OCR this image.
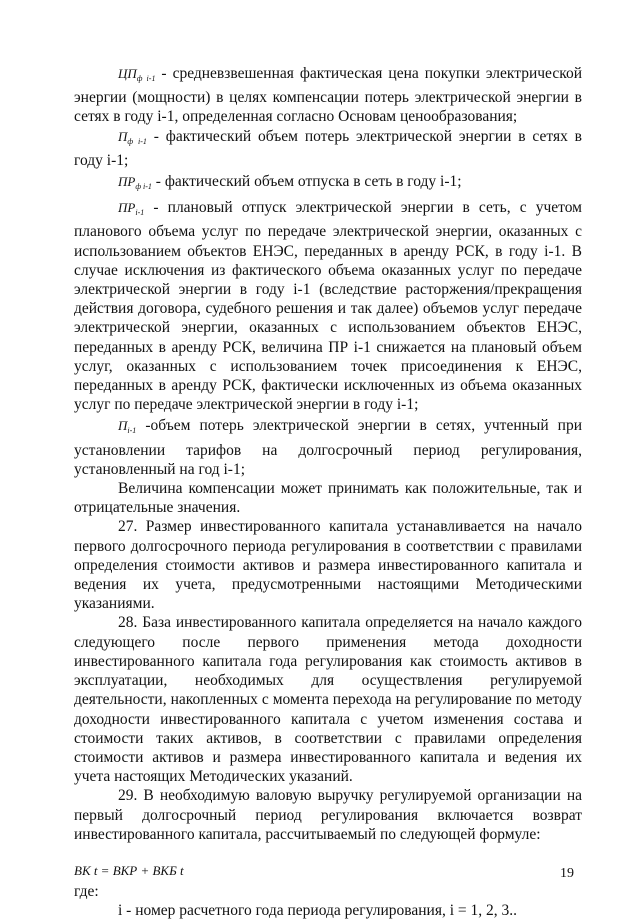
$ЦП_{ф i-1}$ - средневзвешенная фактическая цена покупки электрической энергии (мощности) в целях компенсации потерь электрической энергии в сетях в году i-1, определенная согласно Основам ценообразования;

$П_{ф i-1}$ - фактический объем потерь электрической энергии в сетях в году i-1;

$ПР_{ф i-1}$ - фактический объем отпуска в сеть в году i-1;

$ПР_{i-1}$ - плановый отпуск электрической энергии в сеть, с учетом планового объема услуг по передаче электрической энергии, оказанных с использованием объектов ЕНЭС, переданных в аренду РСК, в году i-1. В случае исключения из фактического объема оказанных услуг по передаче электрической энергии в году i-1 (вследствие расторжения/прекращения действия договора, судебного решения и так далее) объемов услуг передаче электрической энергии, оказанных с использованием объектов ЕНЭС, переданных в аренду РСК, величина ПР i-1 снижается на плановый объем услуг, оказанных с использованием точек присоединения к ЕНЭС, переданных в аренду РСК, фактически исключенных из объема оказанных услуг по передаче электрической энергии в году i-1;

$П_{i-1}$ -объем потерь электрической энергии в сетях, учтенный при установлении тарифов на долгосрочный период регулирования, установленный на год i-1;

Величина компенсации может принимать как положительные, так и отрицательные значения.

27. Размер инвестированного капитала устанавливается на начало первого долгосрочного периода регулирования в соответствии с правилами определения стоимости активов и размера инвестированного капитала и ведения их учета, предусмотренными настоящими Методическими указаниями.

28. База инвестированного капитала определяется на начало каждого следующего после первого применения метода доходности инвестированного капитала года регулирования как стоимость активов в эксплуатации, необходимых для осуществления регулируемой деятельности, накопленных с момента перехода на регулирование по методу доходности инвестированного капитала с учетом изменения состава и стоимости таких активов, в соответствии с правилами определения стоимости активов и размера инвестированного капитала и ведения их учета настоящих Методических указаний.

29. В необходимую валовую выручку регулируемой организации на первый долгосрочный период регулирования включается возврат инвестированного капитала, рассчитываемый по следующей формуле:

ВК t = ВКР + ВКБ t

где:

i - номер расчетного года периода регулирования, i = 1, 2, 3..

19
